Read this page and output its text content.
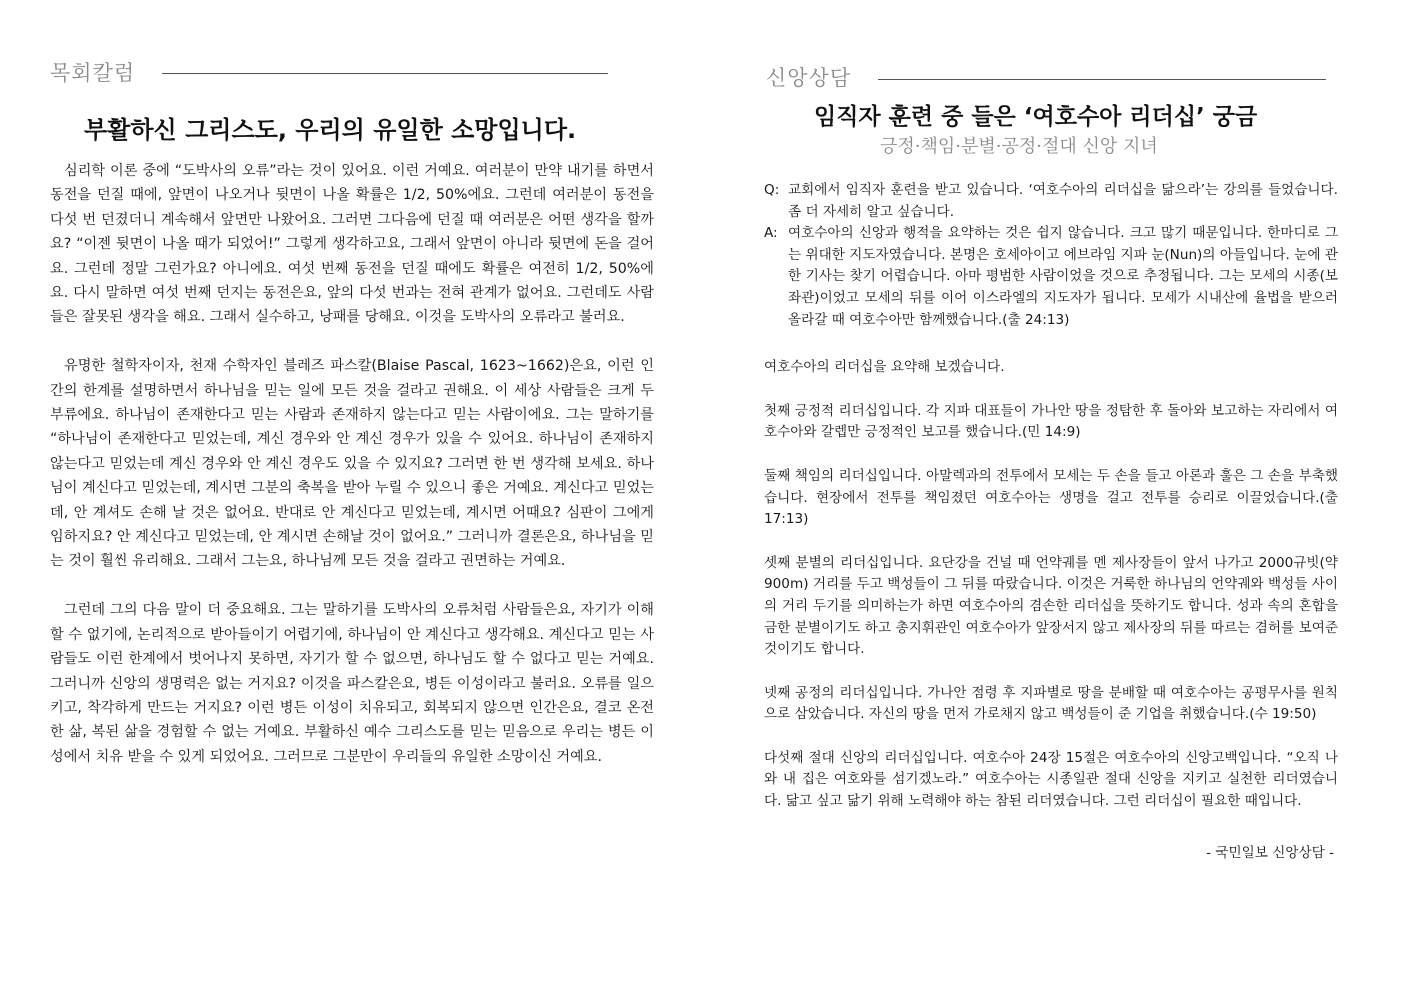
목회칼럼
부활하신 그리스도, 우리의 유일한 소망입니다.

심리학 이론 중에 “도박사의 오류”라는 것이 있어요. 이런 거예요. 여러분이 만약 내기를 하면서 동전을 던질 때에, 앞면이 나오거나 뒷면이 나올 확률은 1/2, 50%에요. 그런데 여러분이 동전을 다섯 번 던졌더니 계속해서 앞면만 나왔어요. 그러면 그다음에 던질 때 여러분은 어떤 생각을 할까요? “이젠 뒷면이 나올 때가 되었어!” 그렇게 생각하고요, 그래서 앞면이 아니라 뒷면에 돈을 걸어요. 그런데 정말 그런가요? 아니에요. 여섯 번째 동전을 던질 때에도 확률은 여전히 1/2, 50%에요. 다시 말하면 여섯 번째 던지는 동전은요, 앞의 다섯 번과는 전혀 관계가 없어요. 그런데도 사람들은 잘못된 생각을 해요. 그래서 실수하고, 낭패를 당해요. 이것을 도박사의 오류라고 불러요.

유명한 철학자이자, 천재 수학자인 블레즈 파스칼(Blaise Pascal, 1623~1662)은요, 이런 인간의 한계를 설명하면서 하나님을 믿는 일에 모든 것을 걸라고 권해요. 이 세상 사람들은 크게 두 부류에요. 하나님이 존재한다고 믿는 사람과 존재하지 않는다고 믿는 사람이에요. 그는 말하기를 “하나님이 존재한다고 믿었는데, 계신 경우와 안 계신 경우가 있을 수 있어요. 하나님이 존재하지 않는다고 믿었는데 계신 경우와 안 계신 경우도 있을 수 있지요? 그러면 한 번 생각해 보세요. 하나님이 계신다고 믿었는데, 계시면 그분의 축복을 받아 누릴 수 있으니 좋은 거예요. 계신다고 믿었는데, 안 계셔도 손해 날 것은 없어요. 반대로 안 계신다고 믿었는데, 계시면 어때요? 심판이 그에게 임하지요? 안 계신다고 믿었는데, 안 계시면 손해날 것이 없어요.” 그러니까 결론은요, 하나님을 믿는 것이 훨씬 유리해요. 그래서 그는요, 하나님께 모든 것을 걸라고 권면하는 거예요.

그런데 그의 다음 말이 더 중요해요. 그는 말하기를 도박사의 오류처럼 사람들은요, 자기가 이해할 수 없기에, 논리적으로 받아들이기 어렵기에, 하나님이 안 계신다고 생각해요. 계신다고 믿는 사람들도 이런 한계에서 벗어나지 못하면, 자기가 할 수 없으면, 하나님도 할 수 없다고 믿는 거예요. 그러니까 신앙의 생명력은 없는 거지요? 이것을 파스칼은요, 병든 이성이라고 불러요. 오류를 일으키고, 착각하게 만드는 거지요? 이런 병든 이성이 치유되고, 회복되지 않으면 인간은요, 결코 온전한 삶, 복된 삶을 경험할 수 없는 거예요. 부활하신 예수 그리스도를 믿는 믿음으로 우리는 병든 이성에서 치유 받을 수 있게 되었어요. 그러므로 그분만이 우리들의 유일한 소망이신 거예요.

신앙상담
임직자 훈련 중 들은 ‘여호수아 리더십’ 궁금
긍정·책임·분별·공정·절대 신앙 지녀
Q: 교회에서 임직자 훈련을 받고 있습니다. ‘여호수아의 리더십을 닮으라’는 강의를 들었습니다. 좀 더 자세히 알고 싶습니다.
A: 여호수아의 신앙과 행적을 요약하는 것은 쉽지 않습니다. 크고 많기 때문입니다. 한마디로 그는 위대한 지도자였습니다. 본명은 호세아이고 에브라임 지파 눈(Nun)의 아들입니다. 눈에 관한 기사는 찾기 어렵습니다. 아마 평범한 사람이었을 것으로 추정됩니다. 그는 모세의 시종(보좌관)이었고 모세의 뒤를 이어 이스라엘의 지도자가 됩니다. 모세가 시내산에 율법을 받으러 올라갈 때 여호수아만 함께했습니다.(출 24:13)
여호수아의 리더십을 요약해 보겠습니다.
첫째 긍정적 리더십입니다. 각 지파 대표들이 가나안 땅을 정탐한 후 돌아와 보고하는 자리에서 여호수아와 갈렙만 긍정적인 보고를 했습니다.(민 14:9)
둘째 책임의 리더십입니다. 아말렉과의 전투에서 모세는 두 손을 들고 아론과 훌은 그 손을 부축했습니다. 현장에서 전투를 책임졌던 여호수아는 생명을 걸고 전투를 승리로 이끌었습니다.(출 17:13)
셋째 분별의 리더십입니다. 요단강을 건널 때 언약궤를 멘 제사장들이 앞서 나가고 2000규빗(약 900m) 거리를 두고 백성들이 그 뒤를 따랐습니다. 이것은 거룩한 하나님의 언약궤와 백성들 사이의 거리 두기를 의미하는가 하면 여호수아의 겸손한 리더십을 뜻하기도 합니다. 성과 속의 혼합을 금한 분별이기도 하고 총지휘관인 여호수아가 앞장서지 않고 제사장의 뒤를 따르는 겸허를 보여준 것이기도 합니다.
넷째 공정의 리더십입니다. 가나안 점령 후 지파별로 땅을 분배할 때 여호수아는 공평무사를 원칙으로 삼았습니다. 자신의 땅을 먼저 가로채지 않고 백성들이 준 기업을 취했습니다.(수 19:50)
다섯째 절대 신앙의 리더십입니다. 여호수아 24장 15절은 여호수아의 신앙고백입니다. “오직 나와 내 집은 여호와를 섬기겠노라.” 여호수아는 시종일관 절대 신앙을 지키고 실천한 리더였습니다. 닮고 싶고 닮기 위해 노력해야 하는 참된 리더였습니다. 그런 리더십이 필요한 때입니다.
- 국민일보 신앙상담 -
